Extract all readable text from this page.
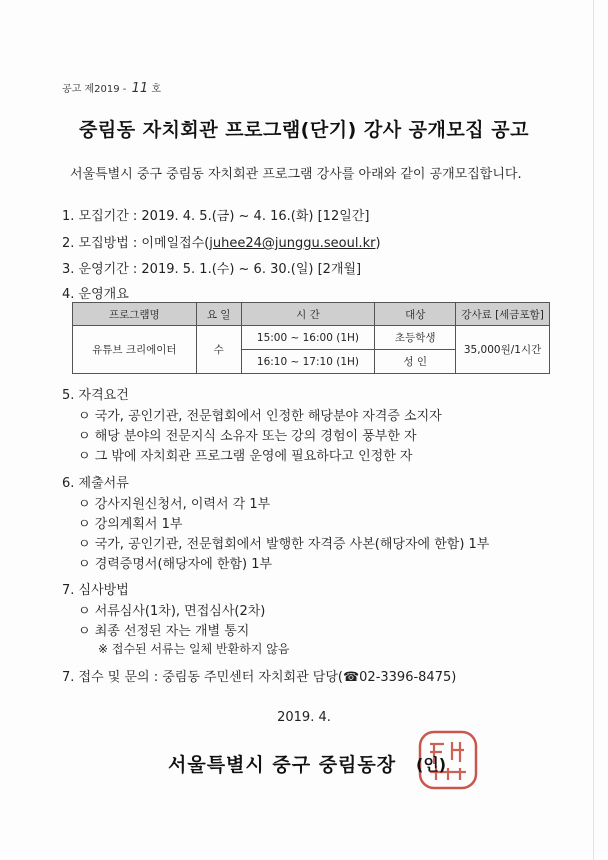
공고 제2019 - 11 호
중림동 자치회관 프로그램(단기) 강사 공개모집 공고
서울특별시 중구 중림동 자치회관 프로그램 강사를 아래와 같이 공개모집합니다.
1. 모집기간 : 2019. 4. 5.(금) ~ 4. 16.(화) [12일간]
2. 모집방법 : 이메일접수(juhee24@junggu.seoul.kr)
3. 운영기간 : 2019. 5. 1.(수) ~ 6. 30.(일) [2개월]
4. 운영개요
프로그램명	요 일	시 간	대상	강사료 [세금포함]
유튜브 크리에이터	수	15:00 ~ 16:00 (1H)	초등학생	35,000원/1시간
		16:10 ~ 17:10 (1H)	성 인	
5. 자격요건
ㅇ 국가, 공인기관, 전문협회에서 인정한 해당분야 자격증 소지자
ㅇ 해당 분야의 전문지식 소유자 또는 강의 경험이 풍부한 자
ㅇ 그 밖에 자치회관 프로그램 운영에 필요하다고 인정한 자
6. 제출서류
ㅇ 강사지원신청서, 이력서 각 1부
ㅇ 강의계획서 1부
ㅇ 국가, 공인기관, 전문협회에서 발행한 자격증 사본(해당자에 한함) 1부
ㅇ 경력증명서(해당자에 한함) 1부
7. 심사방법
ㅇ 서류심사(1차), 면접심사(2차)
ㅇ 최종 선정된 자는 개별 통지
※ 접수된 서류는 일체 반환하지 않음
7. 접수 및 문의 : 중림동 주민센터 자치회관 담당(☎02-3396-8475)
2019. 4.
서울특별시 중구 중림동장 (인)
